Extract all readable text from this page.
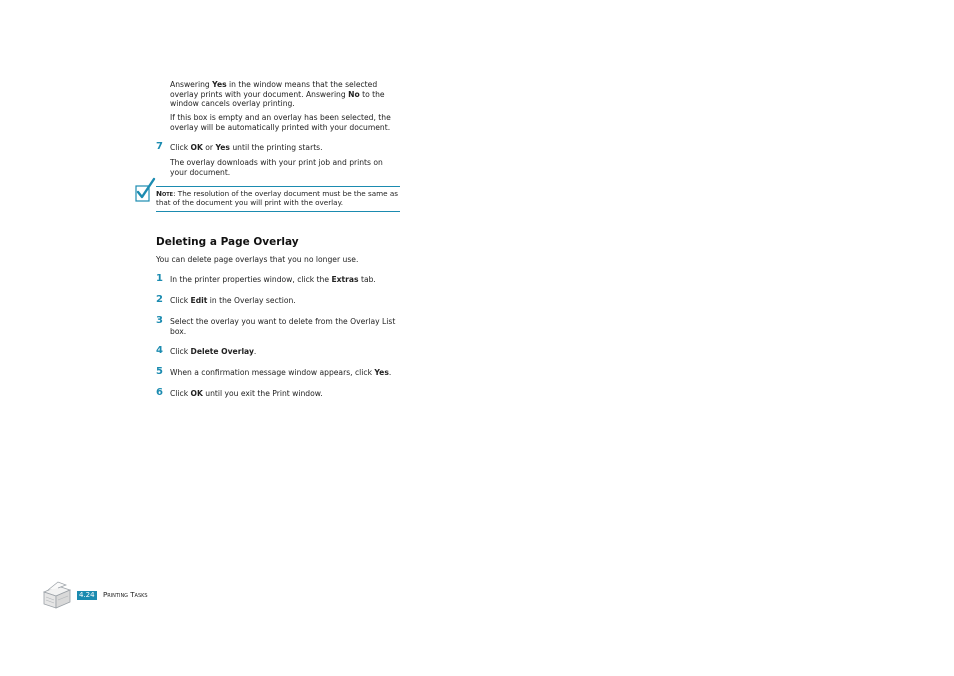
Answering Yes in the window means that the selected overlay prints with your document. Answering No to the window cancels overlay printing.

If this box is empty and an overlay has been selected, the overlay will be automatically printed with your document.

7 Click OK or Yes until the printing starts.

The overlay downloads with your print job and prints on your document.

Note: The resolution of the overlay document must be the same as that of the document you will print with the overlay.

Deleting a Page Overlay
You can delete page overlays that you no longer use.
1 In the printer properties window, click the Extras tab.

2 Click Edit in the Overlay section.

3 Select the overlay you want to delete from the Overlay List box.

4 Click Delete Overlay.

5 When a confirmation message window appears, click Yes.

6 Click OK until you exit the Print window.

4.24 Printing Tasks
